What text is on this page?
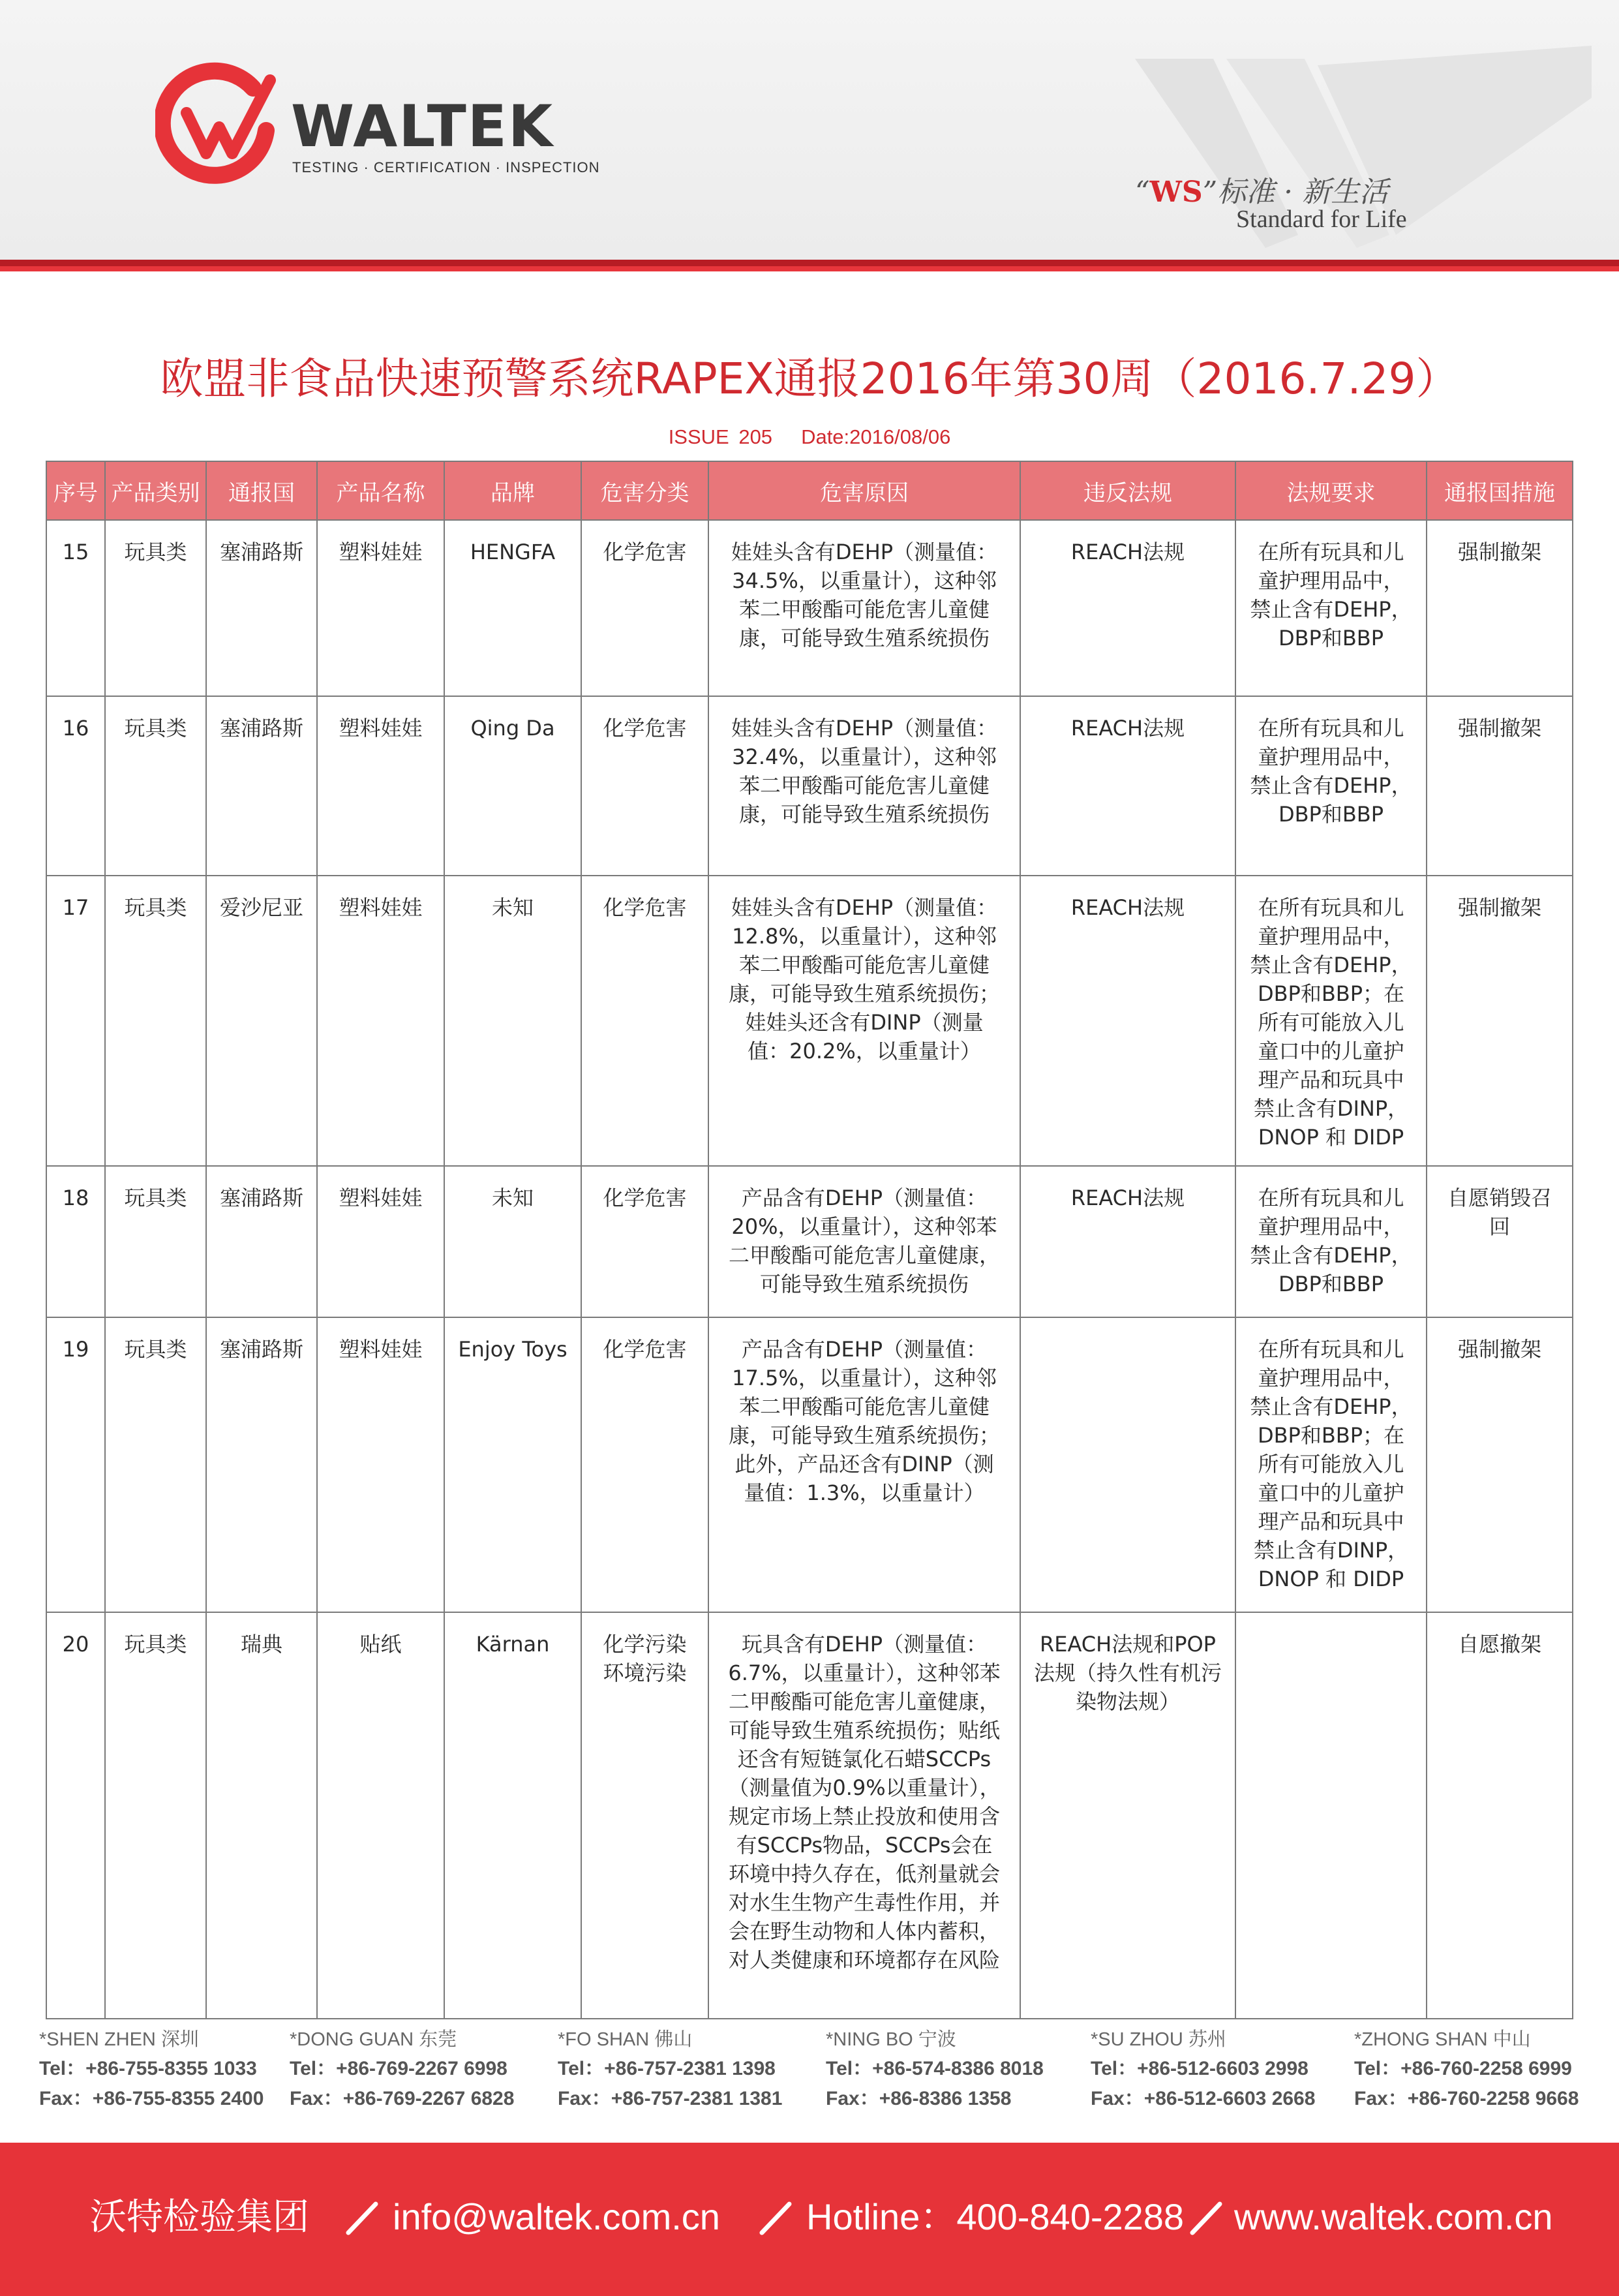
WALTEK
TESTING · CERTIFICATION · INSPECTION
“WS”标准 · 新生活
Standard for Life
欧盟非食品快速预警系统RAPEX通报2016年第30周（2016.7.29）
ISSUE 205 Date:2016/08/06
序号	产品类别	通报国	产品名称	品牌	危害分类	危害原因	违反法规	法规要求	通报国措施
15	玩具类	塞浦路斯	塑料娃娃	HENGFA	化学危害	娃娃头含有DEHP（测量值：34.5%，以重量计），这种邻苯二甲酸酯可能危害儿童健康，可能导致生殖系统损伤	REACH法规	在所有玩具和儿童护理用品中，禁止含有DEHP，DBP和BBP	强制撤架
16	玩具类	塞浦路斯	塑料娃娃	Qing Da	化学危害	娃娃头含有DEHP（测量值：32.4%，以重量计），这种邻苯二甲酸酯可能危害儿童健康，可能导致生殖系统损伤	REACH法规	在所有玩具和儿童护理用品中，禁止含有DEHP，DBP和BBP	强制撤架
17	玩具类	爱沙尼亚	塑料娃娃	未知	化学危害	娃娃头含有DEHP（测量值：12.8%，以重量计），这种邻苯二甲酸酯可能危害儿童健康，可能导致生殖系统损伤；娃娃头还含有DINP（测量值：20.2%，以重量计）	REACH法规	在所有玩具和儿童护理用品中，禁止含有DEHP，DBP和BBP；在所有可能放入儿童口中的儿童护理产品和玩具中禁止含有DINP，DNOP 和 DIDP	强制撤架
18	玩具类	塞浦路斯	塑料娃娃	未知	化学危害	产品含有DEHP（测量值：20%，以重量计），这种邻苯二甲酸酯可能危害儿童健康，可能导致生殖系统损伤	REACH法规	在所有玩具和儿童护理用品中，禁止含有DEHP，DBP和BBP	自愿销毁召回
19	玩具类	塞浦路斯	塑料娃娃	Enjoy Toys	化学危害	产品含有DEHP（测量值：17.5%，以重量计），这种邻苯二甲酸酯可能危害儿童健康，可能导致生殖系统损伤；此外，产品还含有DINP（测量值：1.3%，以重量计）		在所有玩具和儿童护理用品中，禁止含有DEHP，DBP和BBP；在所有可能放入儿童口中的儿童护理产品和玩具中禁止含有DINP，DNOP 和 DIDP	强制撤架
20	玩具类	瑞典	贴纸	Kärnan	化学污染环境污染	玩具含有DEHP（测量值：6.7%，以重量计），这种邻苯二甲酸酯可能危害儿童健康，可能导致生殖系统损伤；贴纸还含有短链氯化石蜡SCCPs（测量值为0.9%以重量计），规定市场上禁止投放和使用含有SCCPs物品，SCCPs会在环境中持久存在，低剂量就会对水生生物产生毒性作用，并会在野生动物和人体内蓄积，对人类健康和环境都存在风险	REACH法规和POP法规（持久性有机污染物法规）		自愿撤架
*SHEN ZHEN 深圳
Tel：+86-755-8355 1033
Fax：+86-755-8355 2400
*DONG GUAN 东莞
Tel：+86-769-2267 6998
Fax：+86-769-2267 6828
*FO SHAN 佛山
Tel：+86-757-2381 1398
Fax：+86-757-2381 1381
*NING BO 宁波
Tel：+86-574-8386 8018
Fax：+86-8386 1358
*SU ZHOU 苏州
Tel：+86-512-6603 2998
Fax：+86-512-6603 2668
*ZHONG SHAN 中山
Tel：+86-760-2258 6999
Fax：+86-760-2258 9668
沃特检验集团 info@waltek.com.cn Hotline：400-840-2288 www.waltek.com.cn
